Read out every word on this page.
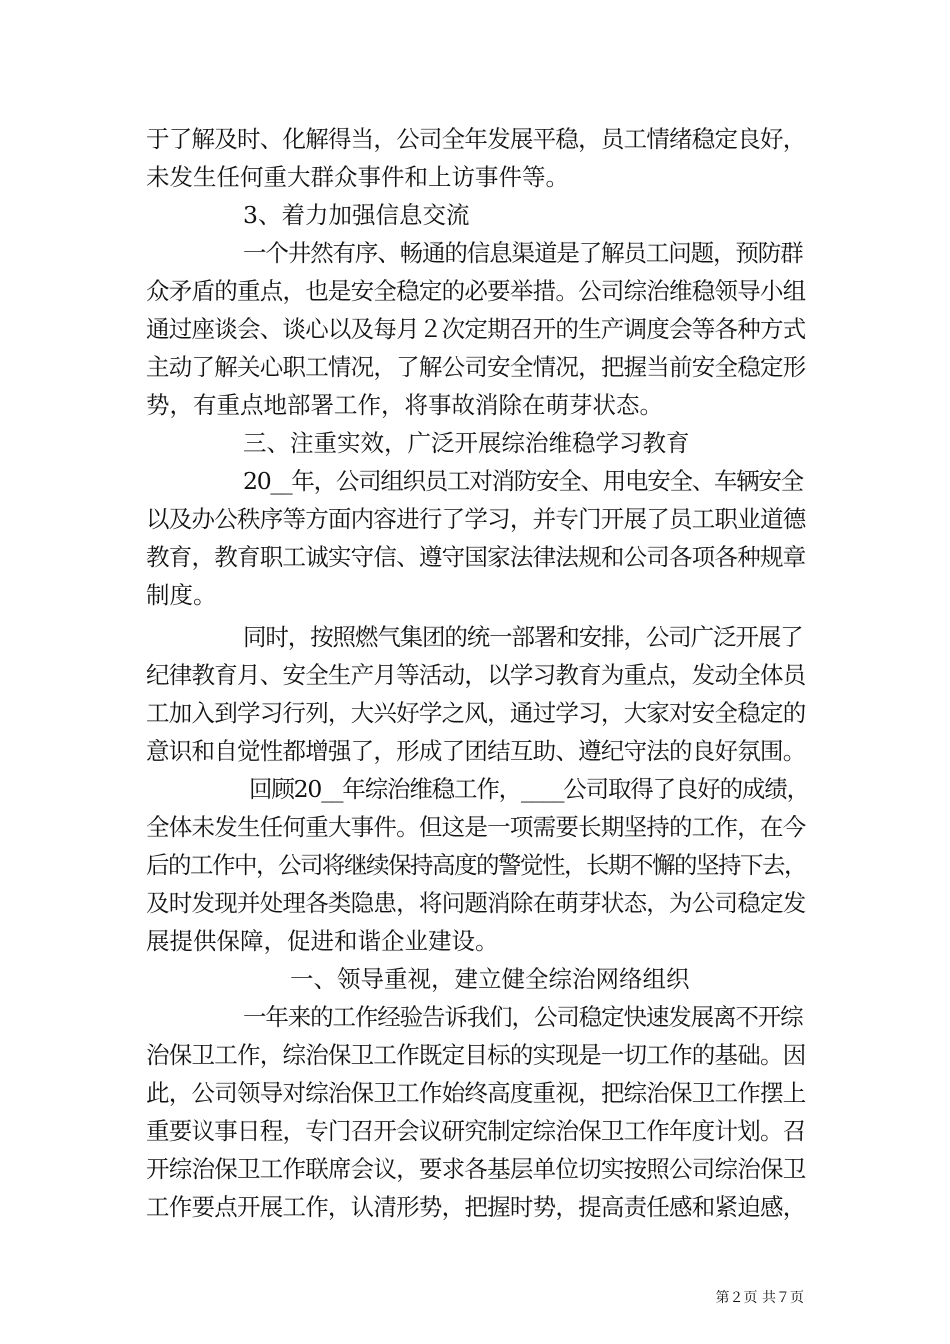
于了解及时、化解得当，公司全年发展平稳，员工情绪稳定良好，
未发生任何重大群众事件和上访事件等。
3、着力加强信息交流
一个井然有序、畅通的信息渠道是了解员工问题，预防群
众矛盾的重点，也是安全稳定的必要举措。公司综治维稳领导小组
通过座谈会、谈心以及每月２次定期召开的生产调度会等各种方式
主动了解关心职工情况，了解公司安全情况，把握当前安全稳定形
势，有重点地部署工作，将事故消除在萌芽状态。
三、注重实效，广泛开展综治维稳学习教育
20__年，公司组织员工对消防安全、用电安全、车辆安全
以及办公秩序等方面内容进行了学习，并专门开展了员工职业道德
教育，教育职工诚实守信、遵守国家法律法规和公司各项各种规章
制度。
同时，按照燃气集团的统一部署和安排，公司广泛开展了
纪律教育月、安全生产月等活动，以学习教育为重点，发动全体员
工加入到学习行列，大兴好学之风，通过学习，大家对安全稳定的
意识和自觉性都增强了，形成了团结互助、遵纪守法的良好氛围。
回顾20__年综治维稳工作，____公司取得了良好的成绩，
全体未发生任何重大事件。但这是一项需要长期坚持的工作，在今
后的工作中，公司将继续保持高度的警觉性，长期不懈的坚持下去，
及时发现并处理各类隐患，将问题消除在萌芽状态，为公司稳定发
展提供保障，促进和谐企业建设。
一、领导重视，建立健全综治网络组织
一年来的工作经验告诉我们，公司稳定快速发展离不开综
治保卫工作，综治保卫工作既定目标的实现是一切工作的基础。因
此，公司领导对综治保卫工作始终高度重视，把综治保卫工作摆上
重要议事日程，专门召开会议研究制定综治保卫工作年度计划。召
开综治保卫工作联席会议，要求各基层单位切实按照公司综治保卫
工作要点开展工作，认清形势，把握时势，提高责任感和紧迫感，
第２页 共７页
